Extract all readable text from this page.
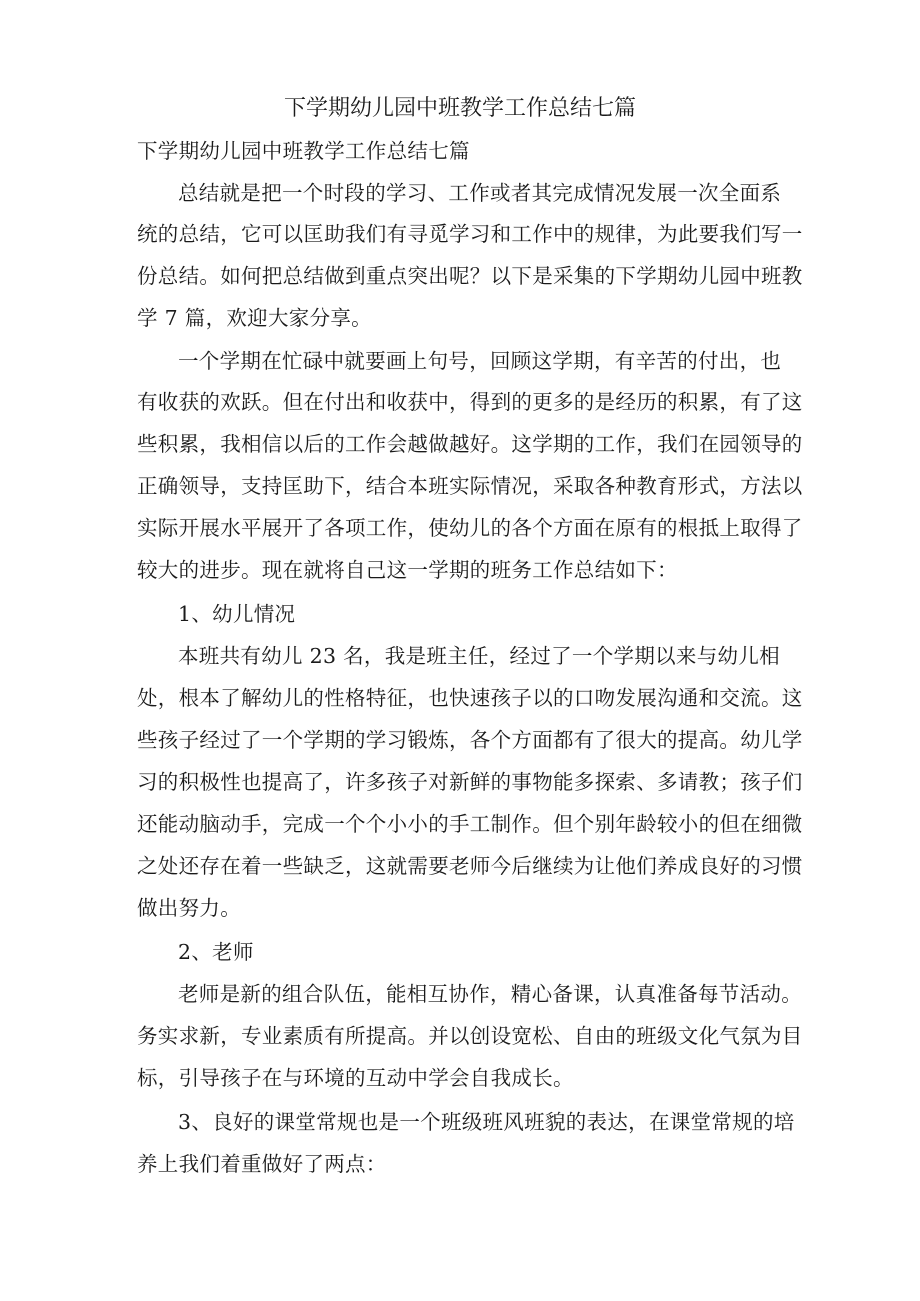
下学期幼儿园中班教学工作总结七篇
下学期幼儿园中班教学工作总结七篇
总结就是把一个时段的学习、工作或者其完成情况发展一次全面系
统的总结，它可以匡助我们有寻觅学习和工作中的规律，为此要我们写一
份总结。如何把总结做到重点突出呢？以下是采集的下学期幼儿园中班教
学 7 篇，欢迎大家分享。
一个学期在忙碌中就要画上句号，回顾这学期，有辛苦的付出，也
有收获的欢跃。但在付出和收获中，得到的更多的是经历的积累，有了这
些积累，我相信以后的工作会越做越好。这学期的工作，我们在园领导的
正确领导，支持匡助下，结合本班实际情况，采取各种教育形式，方法以
实际开展水平展开了各项工作，使幼儿的各个方面在原有的根抵上取得了
较大的进步。现在就将自己这一学期的班务工作总结如下：
1、幼儿情况
本班共有幼儿 23 名，我是班主任，经过了一个学期以来与幼儿相
处，根本了解幼儿的性格特征，也快速孩子以的口吻发展沟通和交流。这
些孩子经过了一个学期的学习锻炼，各个方面都有了很大的提高。幼儿学
习的积极性也提高了，许多孩子对新鲜的事物能多探索、多请教；孩子们
还能动脑动手，完成一个个小小的手工制作。但个别年龄较小的但在细微
之处还存在着一些缺乏，这就需要老师今后继续为让他们养成良好的习惯
做出努力。
2、老师
老师是新的组合队伍，能相互协作，精心备课，认真准备每节活动。
务实求新，专业素质有所提高。并以创设宽松、自由的班级文化气氛为目
标，引导孩子在与环境的互动中学会自我成长。
3、良好的课堂常规也是一个班级班风班貌的表达，在课堂常规的培
养上我们着重做好了两点：
